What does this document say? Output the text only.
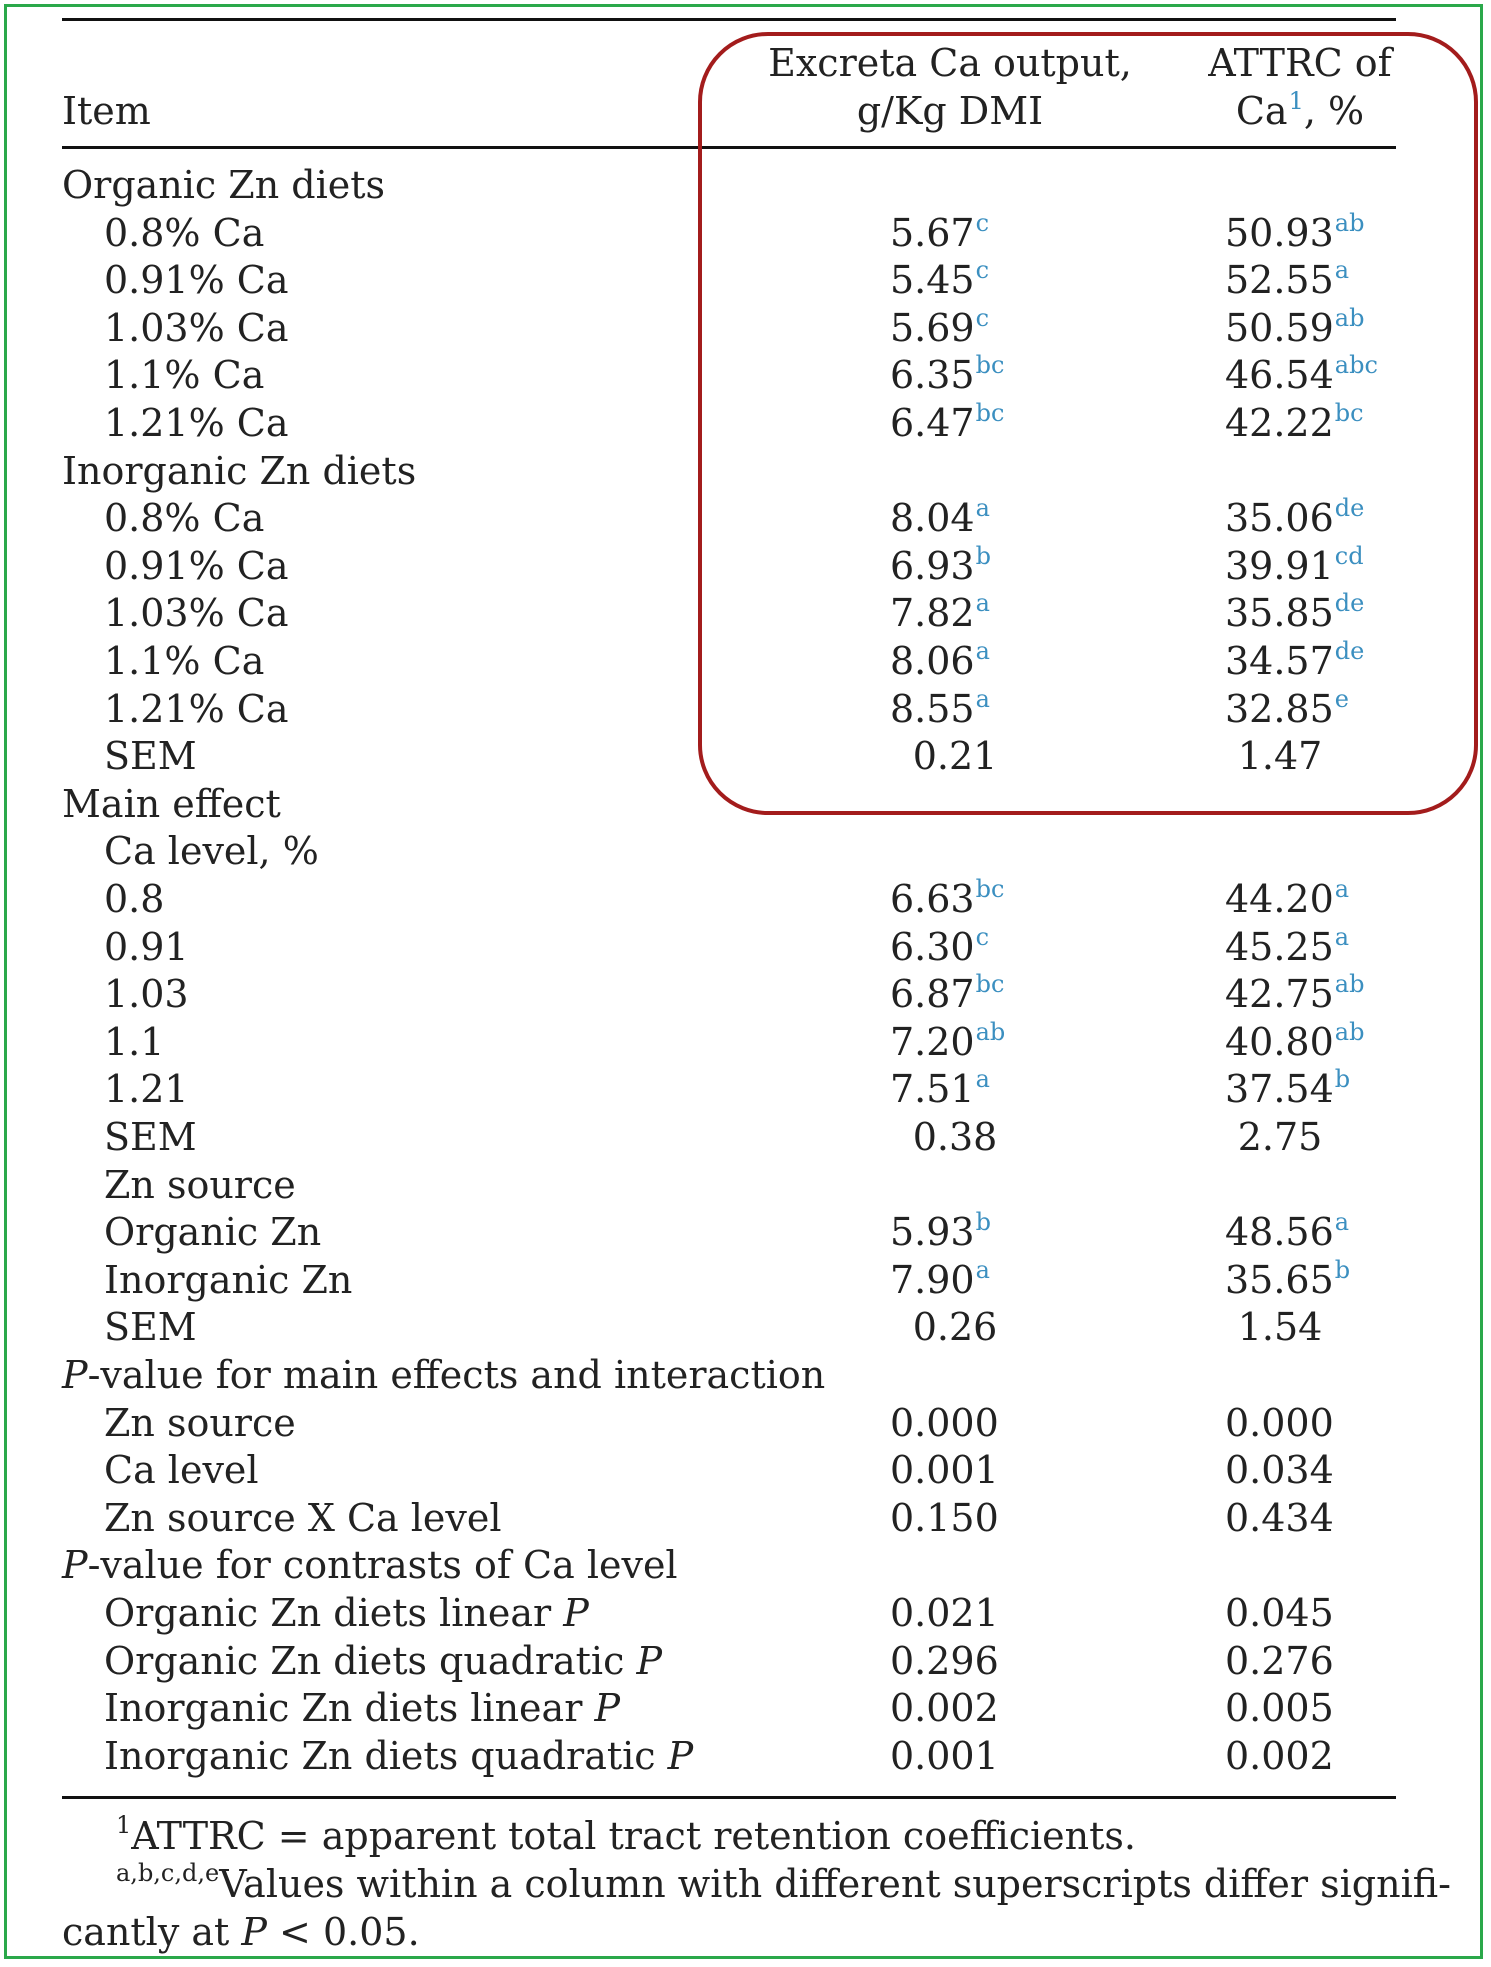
Item
Excreta Ca output,
g/Kg DMI
ATTRC of
Ca$^1$, %
Organic Zn diets
0.8% Ca	5.67$^c$	50.93$^{ab}$
0.91% Ca	5.45$^c$	52.55$^a$
1.03% Ca	5.69$^c$	50.59$^{ab}$
1.1% Ca	6.35$^{bc}$	46.54$^{abc}$
1.21% Ca	6.47$^{bc}$	42.22$^{bc}$
Inorganic Zn diets
0.8% Ca	8.04$^a$	35.06de
0.91% Ca	6.93$^b$	39.91$^{cd}$
1.03% Ca	7.82$^a$	35.85de
1.1% Ca	8.06$^a$	34.57de
1.21% Ca	8.55$^a$	32.85e
SEM	0.21	1.47
Main effect
Ca level, %
0.8	6.63$^{bc}$	44.20$^a$
0.91	6.30$^c$	45.25$^a$
1.03	6.87$^{bc}$	42.75$^{ab}$
1.1	7.20$^{ab}$	40.80$^{ab}$
1.21	7.51$^a$	37.54$^b$
SEM	0.38	2.75
Zn source
Organic Zn	5.93$^b$	48.56$^a$
Inorganic Zn	7.90$^a$	35.65$^b$
SEM	0.26	1.54
P-value for main effects and interaction
Zn source	0.000	0.000
Ca level	0.001	0.034
Zn source X Ca level	0.150	0.434
P-value for contrasts of Ca level
Organic Zn diets linear P	0.021	0.045
Organic Zn diets quadratic P	0.296	0.276
Inorganic Zn diets linear P	0.002	0.005
Inorganic Zn diets quadratic P	0.001	0.002
$^1$ATTRC = apparent total tract retention coefficients.
$^{a,b,c,d,e}$Values within a column with different superscripts differ signifi-
cantly at P < 0.05.
